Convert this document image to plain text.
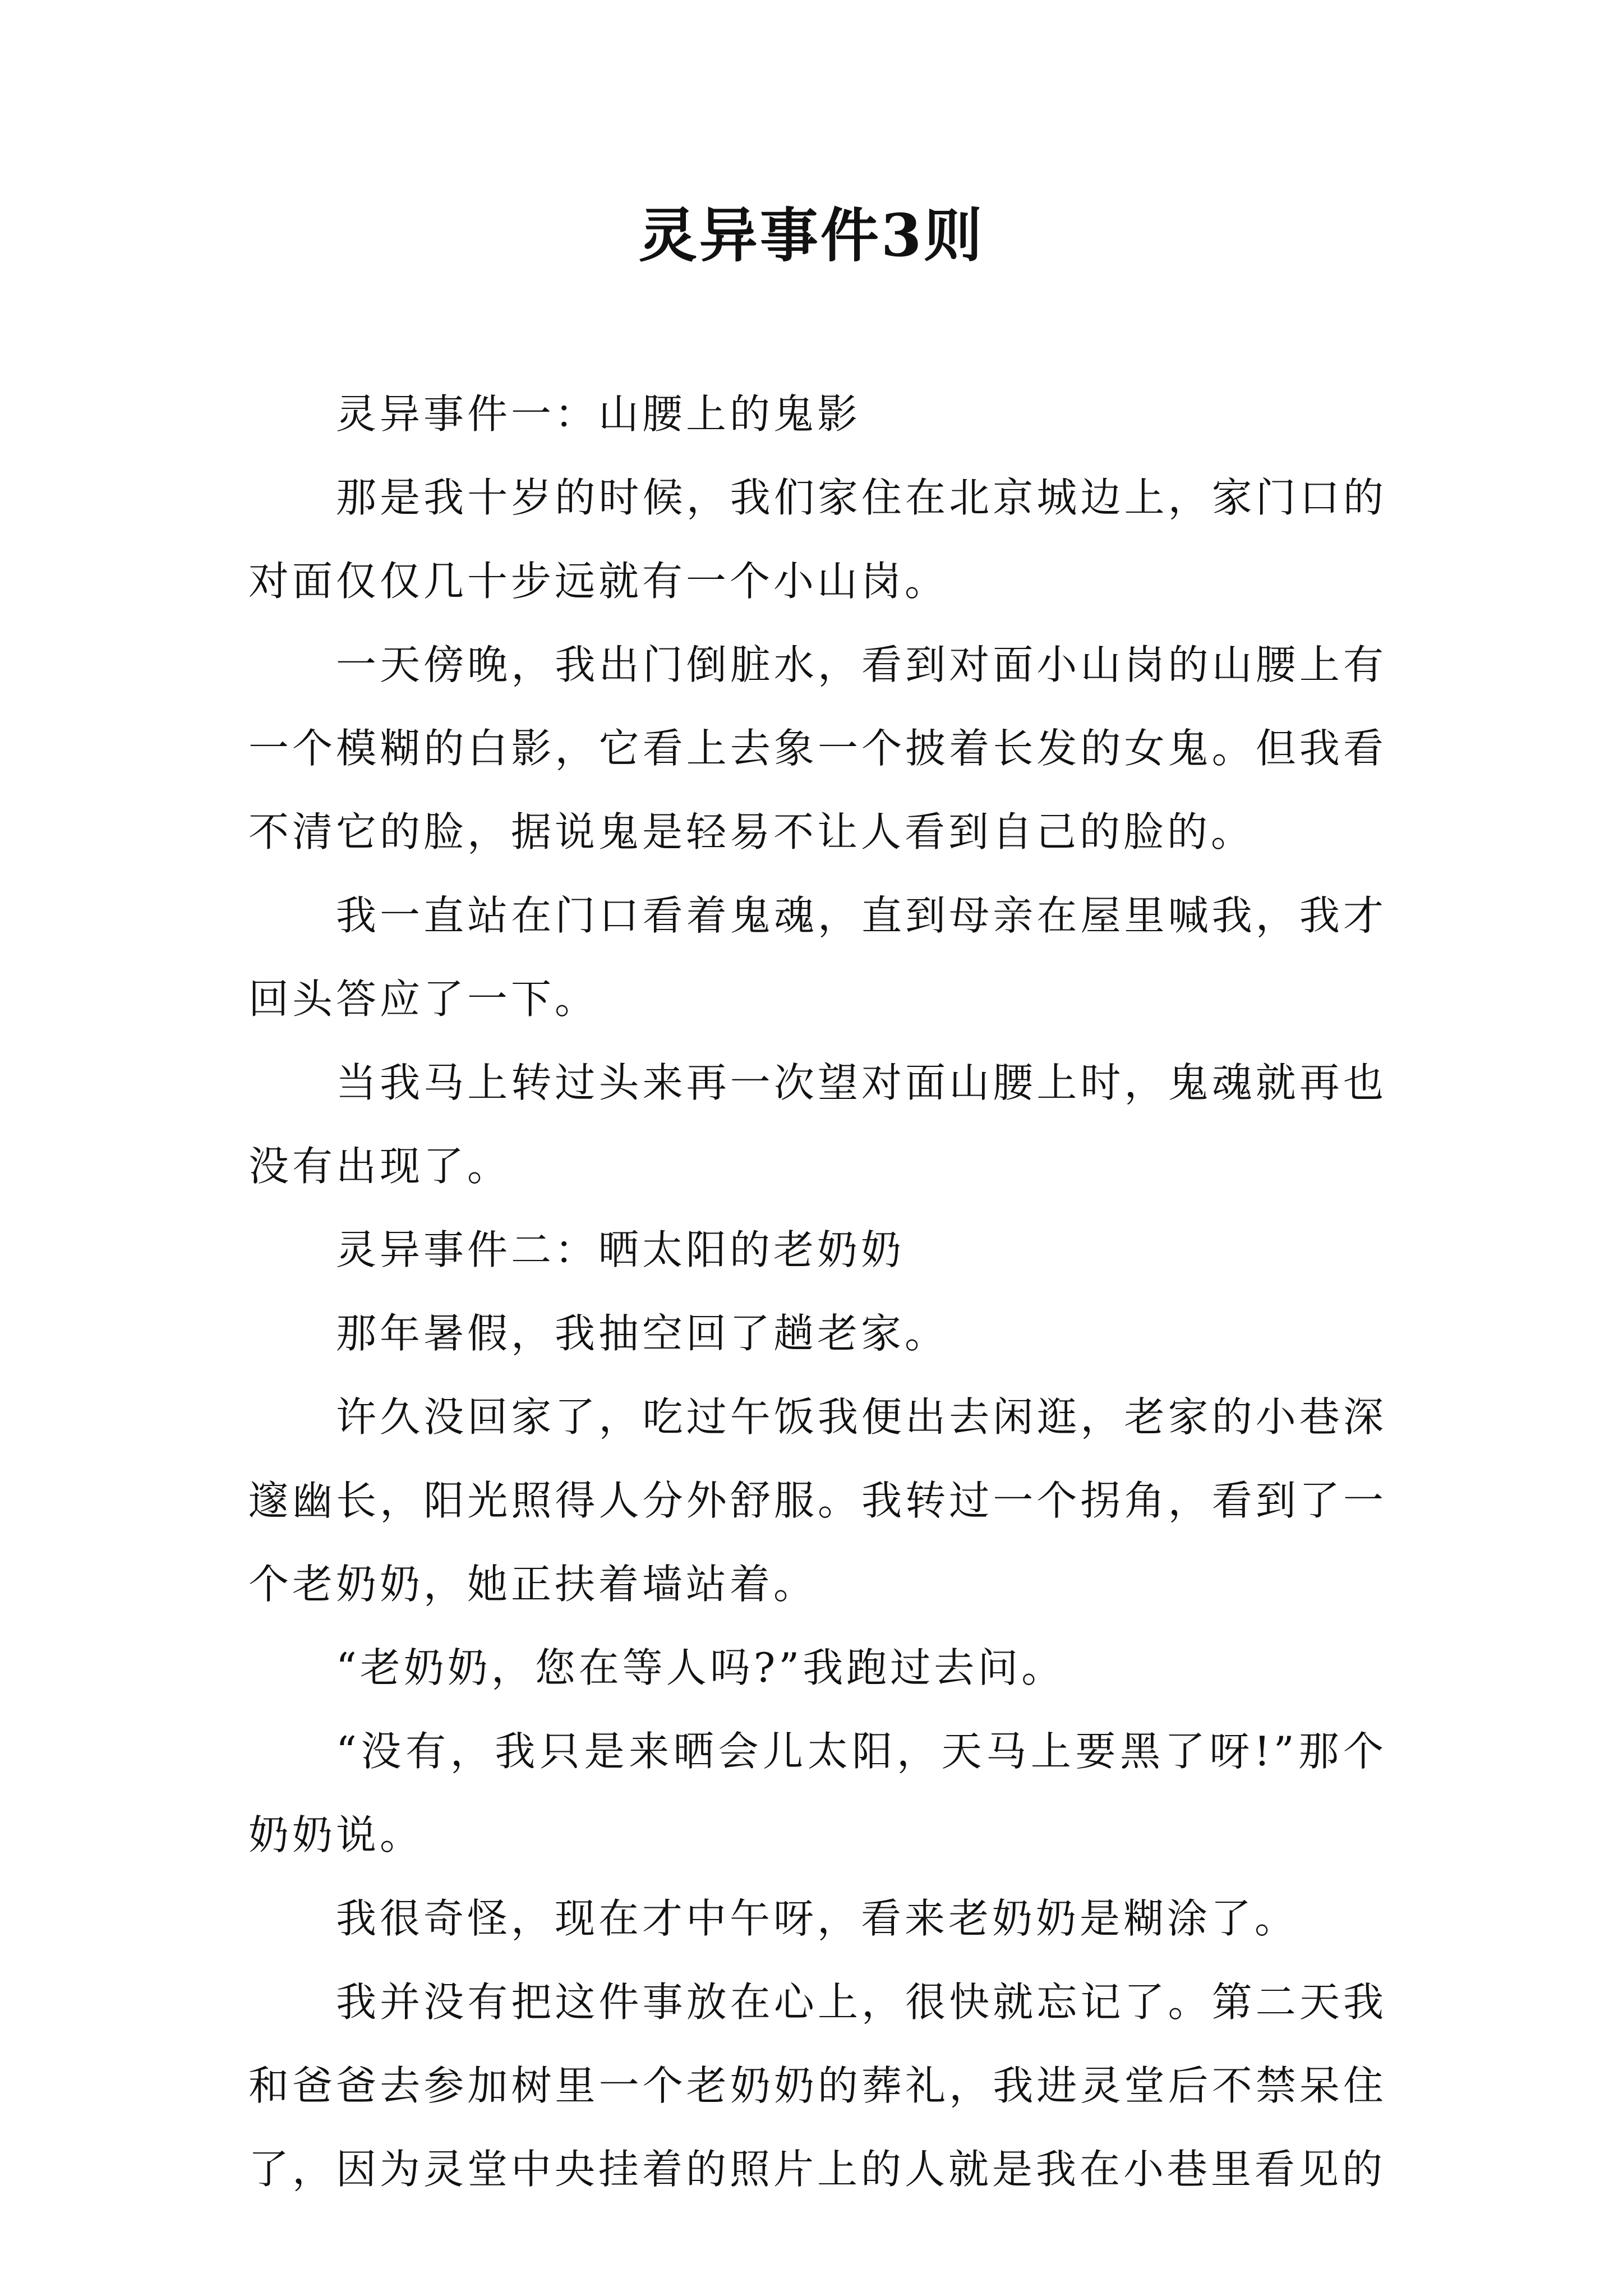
灵异事件3则

灵异事件一：山腰上的鬼影

那是我十岁的时候，我们家住在北京城边上，家门口的对面仅仅几十步远就有一个小山岗。

一天傍晚，我出门倒脏水，看到对面小山岗的山腰上有一个模糊的白影，它看上去象一个披着长发的女鬼。但我看不清它的脸，据说鬼是轻易不让人看到自己的脸的。

我一直站在门口看着鬼魂，直到母亲在屋里喊我，我才回头答应了一下。

当我马上转过头来再一次望对面山腰上时，鬼魂就再也没有出现了。

灵异事件二：晒太阳的老奶奶

那年暑假，我抽空回了趟老家。

许久没回家了，吃过午饭我便出去闲逛，老家的小巷深邃幽长，阳光照得人分外舒服。我转过一个拐角，看到了一个老奶奶，她正扶着墙站着。

“老奶奶，您在等人吗?”我跑过去问。

“没有，我只是来晒会儿太阳，天马上要黑了呀!”那个奶奶说。

我很奇怪，现在才中午呀，看来老奶奶是糊涂了。

我并没有把这件事放在心上，很快就忘记了。第二天我和爸爸去参加树里一个老奶奶的葬礼，我进灵堂后不禁呆住了，因为灵堂中央挂着的照片上的人就是我在小巷里看见的
